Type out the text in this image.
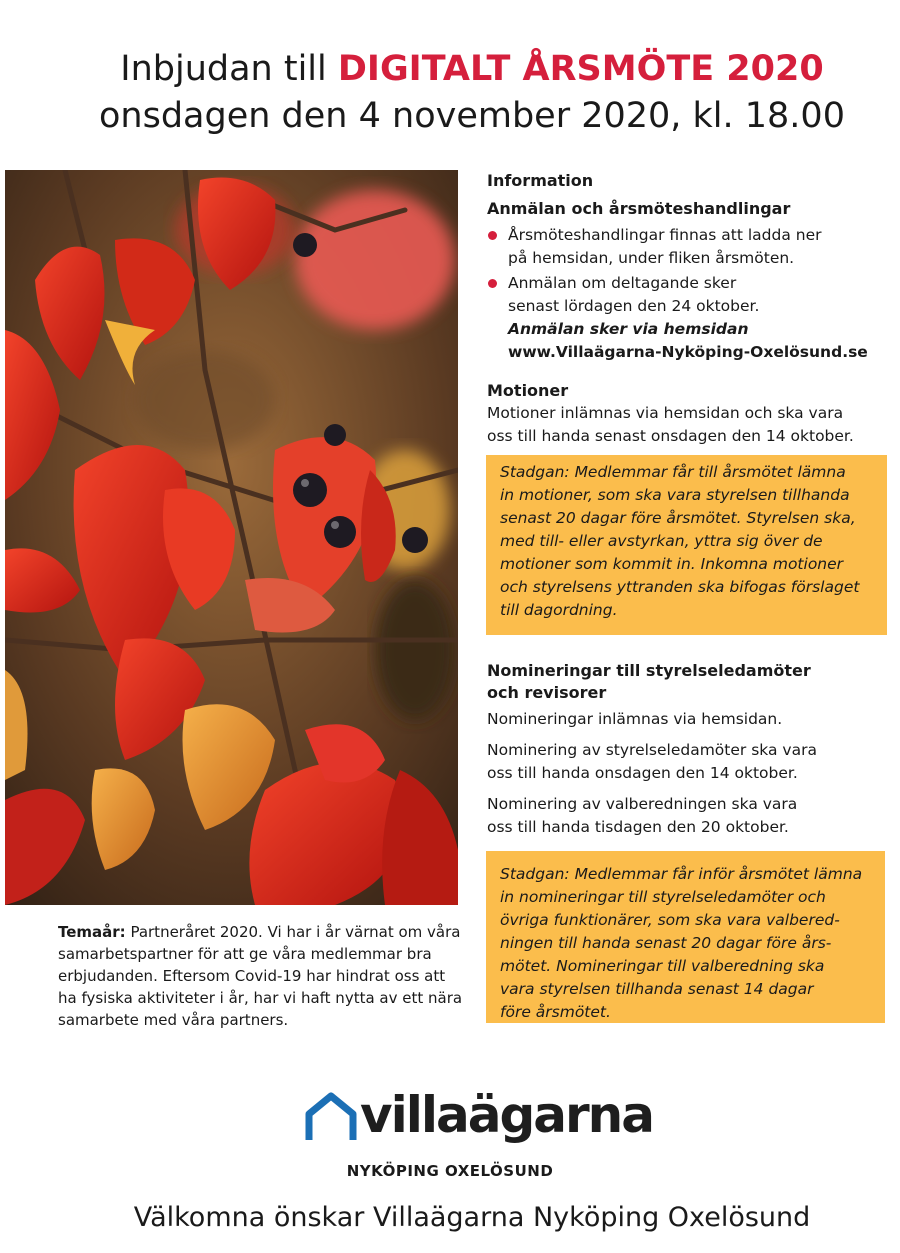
Inbjudan till DIGITALT ÅRSMÖTE 2020
onsdagen den 4 november 2020, kl. 18.00
Temaår: Partneråret 2020. Vi har i år värnat om våra samarbetspartner för att ge våra medlemmar bra erbjudanden. Eftersom Covid-19 har hindrat oss att ha fysiska aktiviteter i år, har vi haft nytta av ett nära samarbete med våra partners.
Information
Anmälan och årsmöteshandlingar
Årsmöteshandlingar finnas att ladda ner
på hemsidan, under fliken årsmöten.
Anmälan om deltagande sker
senast lördagen den 24 oktober.
Anmälan sker via hemsidan
www.Villaägarna-Nyköping-Oxelösund.se
Motioner
Motioner inlämnas via hemsidan och ska vara
oss till handa senast onsdagen den 14 oktober.
Stadgan: Medlemmar får till årsmötet lämna
in motioner, som ska vara styrelsen tillhanda
senast 20 dagar före årsmötet. Styrelsen ska,
med till- eller avstyrkan, yttra sig över de
motioner som kommit in. Inkomna motioner
och styrelsens yttranden ska bifogas förslaget
till dagordning.
Nomineringar till styrelseledamöter
och revisorer
Nomineringar inlämnas via hemsidan.
Nominering av styrelseledamöter ska vara
oss till handa onsdagen den 14 oktober.
Nominering av valberedningen ska vara
oss till handa tisdagen den 20 oktober.
Stadgan: Medlemmar får inför årsmötet lämna
in nomineringar till styrelseledamöter och
övriga funktionärer, som ska vara valbered-
ningen till handa senast 20 dagar före års-
mötet. Nomineringar till valberedning ska
vara styrelsen tillhanda senast 14 dagar
före årsmötet.
villaägarna
NYKÖPING OXELÖSUND
Välkomna önskar Villaägarna Nyköping Oxelösund
